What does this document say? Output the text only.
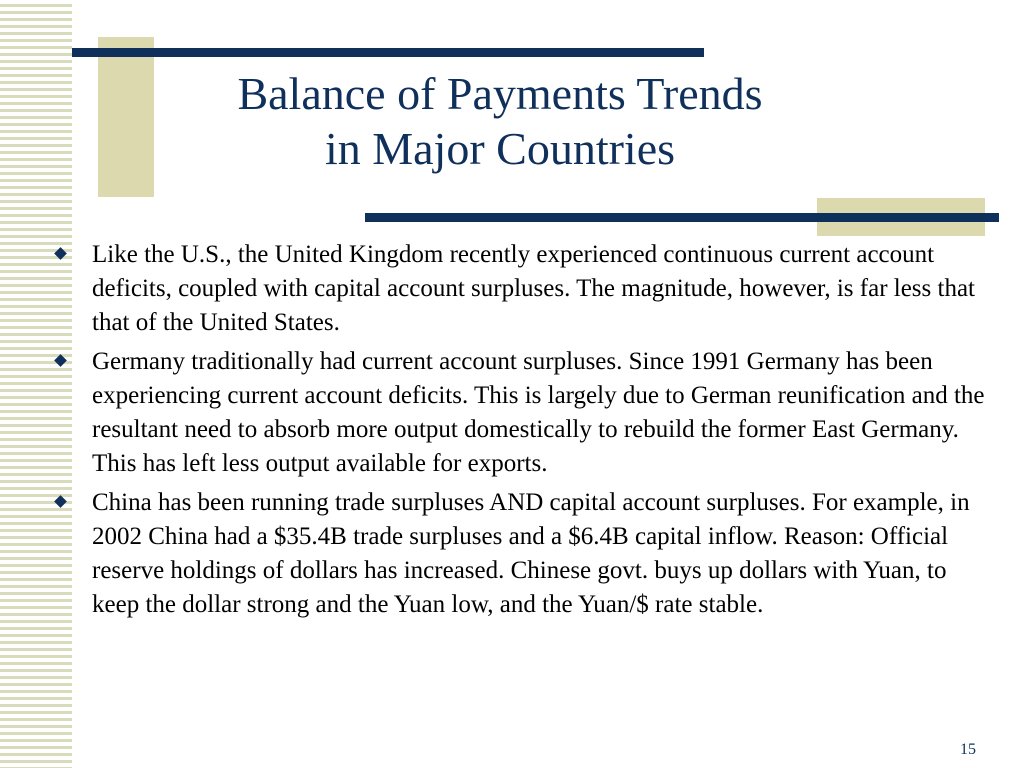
Balance of Payments Trends
in Major Countries
Like the U.S., the United Kingdom recently experienced continuous current account deficits, coupled with capital account surpluses. The magnitude, however, is far less that that of the United States.
Germany traditionally had current account surpluses. Since 1991 Germany has been experiencing current account deficits. This is largely due to German reunification and the resultant need to absorb more output domestically to rebuild the former East Germany. This has left less output available for exports.
China has been running trade surpluses AND capital account surpluses. For example, in 2002 China had a $35.4B trade surpluses and a $6.4B capital inflow. Reason: Official reserve holdings of dollars has increased. Chinese govt. buys up dollars with Yuan, to keep the dollar strong and the Yuan low, and the Yuan/$ rate stable.
15
